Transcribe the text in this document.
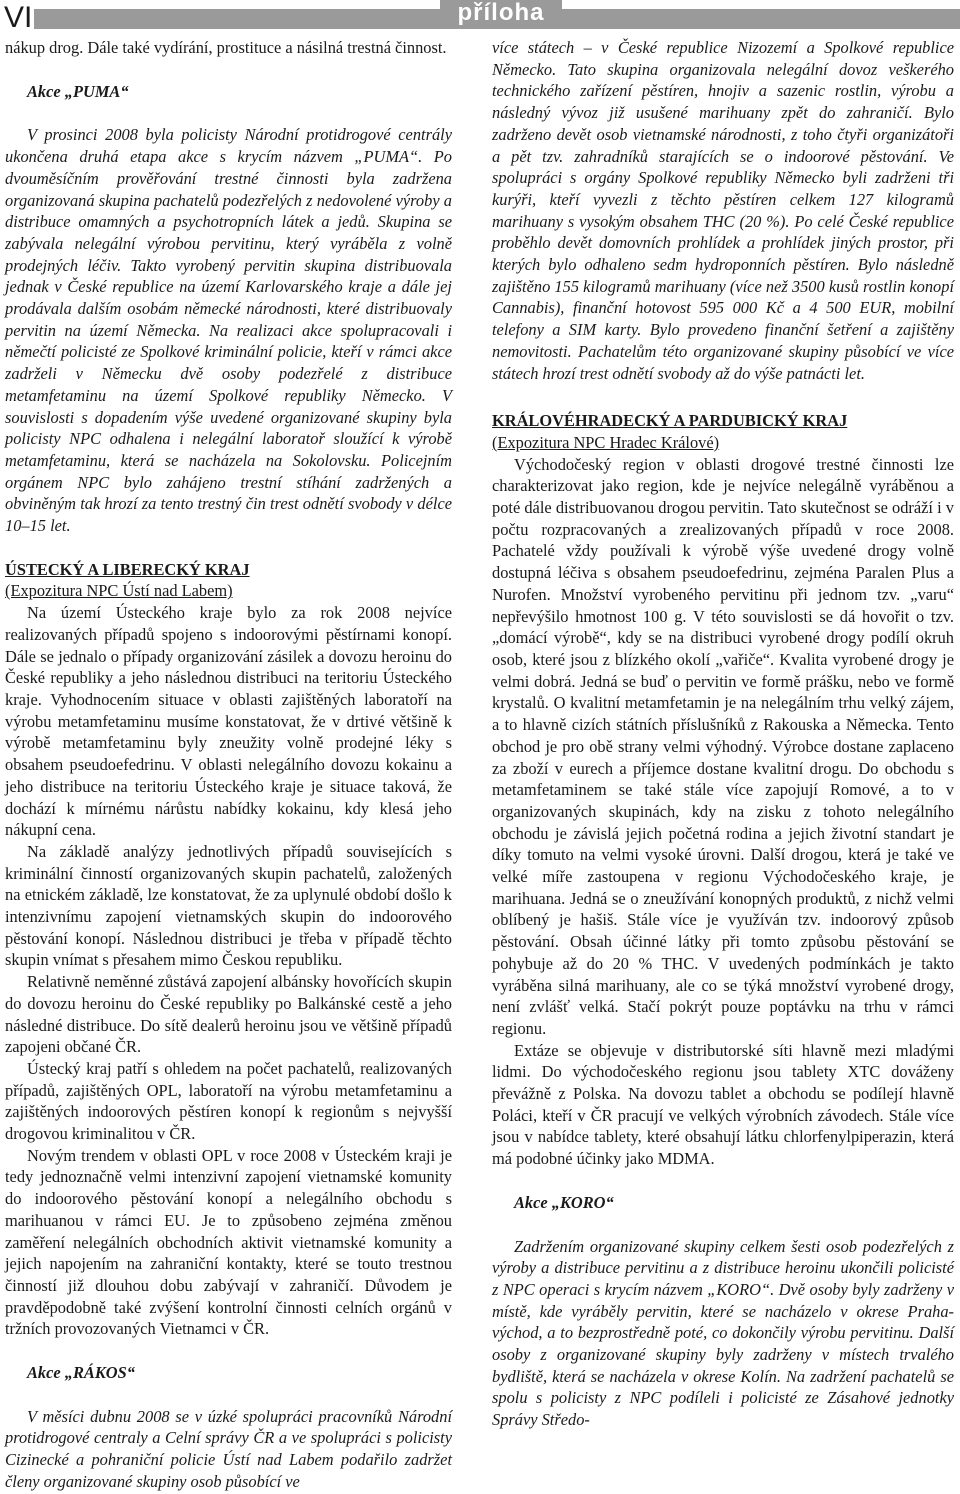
VI	příloha

nákup drog. Dále také vydírání, prostituce a násilná trestná činnost.

Akce „PUMA“

V prosinci 2008 byla policisty Národní protidrogové centrály ukončena druhá etapa akce s krycím názvem „PUMA“. Po dvouměsíčním prověřování trestné činnosti byla zadržena organizovaná skupina pachatelů podezřelých z nedovolené výroby a distribuce omamných a psychotropních látek a jedů. Skupina se zabývala nelegální výrobou pervitinu, který vyráběla z volně prodejných léčiv. Takto vyrobený pervitin skupina distribuovala jednak v České republice na území Karlovarského kraje a dále jej prodávala dalším osobám německé národnosti, které distribuovaly pervitin na území Německa. Na realizaci akce spolupracovali i němečtí policisté ze Spolkové kriminální policie, kteří v rámci akce zadrželi v Německu dvě osoby podezřelé z distribuce metamfetaminu na území Spolkové republiky Německo. V souvislosti s dopadením výše uvedené organizované skupiny byla policisty NPC odhalena i nelegální laboratoř sloužící k výrobě metamfetaminu, která se nacházela na Sokolovsku. Policejním orgánem NPC bylo zahájeno trestní stíhání zadržených a obviněným tak hrozí za tento trestný čin trest odnětí svobody v délce 10–15 let.

ÚSTECKÝ A LIBERECKÝ KRAJ

(Expozitura NPC Ústí nad Labem)

Na území Ústeckého kraje bylo za rok 2008 nejvíce realizovaných případů spojeno s indoorovými pěstírnami konopí. Dále se jednalo o případy organizování zásilek a dovozu heroinu do České republiky a jeho následnou distribuci na teritoriu Ústeckého kraje. Vyhodnocením situace v oblasti zajištěných laboratoří na výrobu metamfetaminu musíme konstatovat, že v drtivé většině k výrobě metamfetaminu byly zneužity volně prodejné léky s obsahem pseudoefedrinu. V oblasti nelegálního dovozu kokainu a jeho distribuce na teritoriu Ústeckého kraje je situace taková, že dochází k mírnému nárůstu nabídky kokainu, kdy klesá jeho nákupní cena.

Na základě analýzy jednotlivých případů souvisejících s kriminální činností organizovaných skupin pachatelů, založených na etnickém základě, lze konstatovat, že za uplynulé období došlo k intenzivnímu zapojení vietnamských skupin do indoorového pěstování konopí. Následnou distribuci je třeba v případě těchto skupin vnímat s přesahem mimo Českou republiku.

Relativně neměnné zůstává zapojení albánsky hovořících skupin do dovozu heroinu do České republiky po Balkánské cestě a jeho následné distribuce. Do sítě dealerů heroinu jsou ve většině případů zapojeni občané ČR.

Ústecký kraj patří s ohledem na počet pachatelů, realizovaných případů, zajištěných OPL, laboratoří na výrobu metamfetaminu a zajištěných indoorových pěstíren konopí k regionům s nejvyšší drogovou kriminalitou v ČR.

Novým trendem v oblasti OPL v roce 2008 v Ústeckém kraji je tedy jednoznačně velmi intenzivní zapojení vietnamské komunity do indoorového pěstování konopí a nelegálního obchodu s marihuanou v rámci EU. Je to způsobeno zejména změnou zaměření nelegálních obchodních aktivit vietnamské komunity a jejich napojením na zahraniční kontakty, které se touto trestnou činností již dlouhou dobu zabývají v zahraničí. Důvodem je pravděpodobně také zvýšení kontrolní činnosti celních orgánů v tržních provozovaných Vietnamci v ČR.

Akce „RÁKOS“

V měsíci dubnu 2008 se v úzké spolupráci pracovníků Národní protidrogové centraly a Celní správy ČR a ve spolupráci s policisty Cizinecké a pohraniční policie Ústí nad Labem podařilo zadržet členy organizované skupiny osob působící ve

více státech – v České republice Nizozemí a Spolkové republice Německo. Tato skupina organizovala nelegální dovoz veškerého technického zařízení pěstíren, hnojiv a sazenic rostlin, výrobu a následný vývoz již usušené marihuany zpět do zahraničí. Bylo zadrženo devět osob vietnamské národnosti, z toho čtyři organizátoři a pět tzv. zahradníků starajících se o indoorové pěstování. Ve spolupráci s orgány Spolkové republiky Německo byli zadrženi tři kurýři, kteří vyvezli z těchto pěstíren celkem 127 kilogramů marihuany s vysokým obsahem THC (20 %). Po celé České republice proběhlo devět domovních prohlídek a prohlídek jiných prostor, při kterých bylo odhaleno sedm hydroponních pěstíren. Bylo následně zajištěno 155 kilogramů marihuany (více než 3500 kusů rostlin konopí Cannabis), finanční hotovost 595 000 Kč a 4 500 EUR, mobilní telefony a SIM karty. Bylo provedeno finanční šetření a zajištěny nemovitosti. Pachatelům této organizované skupiny působící ve více státech hrozí trest odnětí svobody až do výše patnácti let.

KRÁLOVÉHRADECKÝ A PARDUBICKÝ KRAJ

(Expozitura NPC Hradec Králové)

Východočeský region v oblasti drogové trestné činnosti lze charakterizovat jako region, kde je nejvíce nelegálně vyráběnou a poté dále distribuovanou drogou pervitin. Tato skutečnost se odráží i v počtu rozpracovaných a zrealizovaných případů v roce 2008. Pachatelé vždy používali k výrobě výše uvedené drogy volně dostupná léčiva s obsahem pseudoefedrinu, zejména Paralen Plus a Nurofen. Množství vyrobeného pervitinu při jednom tzv. „varu“ nepřevýšilo hmotnost 100 g. V této souvislosti se dá hovořit o tzv. „domácí výrobě“, kdy se na distribuci vyrobené drogy podílí okruh osob, které jsou z blízkého okolí „vařiče“. Kvalita vyrobené drogy je velmi dobrá. Jedná se buď o pervitin ve formě prášku, nebo ve formě krystalů. O kvalitní metamfetamin je na nelegálním trhu velký zájem, a to hlavně cizích státních příslušníků z Rakouska a Německa. Tento obchod je pro obě strany velmi výhodný. Výrobce dostane zaplaceno za zboží v eurech a příjemce dostane kvalitní drogu. Do obchodu s metamfetaminem se také stále více zapojují Romové, a to v organizovaných skupinách, kdy na zisku z tohoto nelegálního obchodu je závislá jejich početná rodina a jejich životní standart je díky tomuto na velmi vysoké úrovni. Další drogou, která je také ve velké míře zastoupena v regionu Východočeského kraje, je marihuana. Jedná se o zneužívání konopných produktů, z nichž velmi oblíbený je hašiš. Stále více je využíván tzv. indoorový způsob pěstování. Obsah účinné látky při tomto způsobu pěstování se pohybuje až do 20 % THC. V uvedených podmínkách je takto vyráběna silná marihuany, ale co se týká množství vyrobené drogy, není zvlášť velká. Stačí pokrýt pouze poptávku na trhu v rámci regionu.

Extáze se objevuje v distributorské síti hlavně mezi mladými lidmi. Do východočeského regionu jsou tablety XTC dováženy převážně z Polska. Na dovozu tablet a obchodu se podílejí hlavně Poláci, kteří v ČR pracují ve velkých výrobních závodech. Stále více jsou v nabídce tablety, které obsahují látku chlorfenylpiperazin, která má podobné účinky jako MDMA.

Akce „KORO“

Zadržením organizované skupiny celkem šesti osob podezřelých z výroby a distribuce pervitinu a z distribuce heroinu ukončili policisté z NPC operaci s krycím názvem „KORO“. Dvě osoby byly zadrženy v místě, kde vyráběly pervitin, které se nacházelo v okrese Praha-východ, a to bezprostředně poté, co dokončily výrobu pervitinu. Další osoby z organizované skupiny byly zadrženy v místech trvalého bydliště, která se nacházela v okrese Kolín. Na zadržení pachatelů se spolu s policisty z NPC podíleli i policisté ze Zásahové jednotky Správy Středo-
